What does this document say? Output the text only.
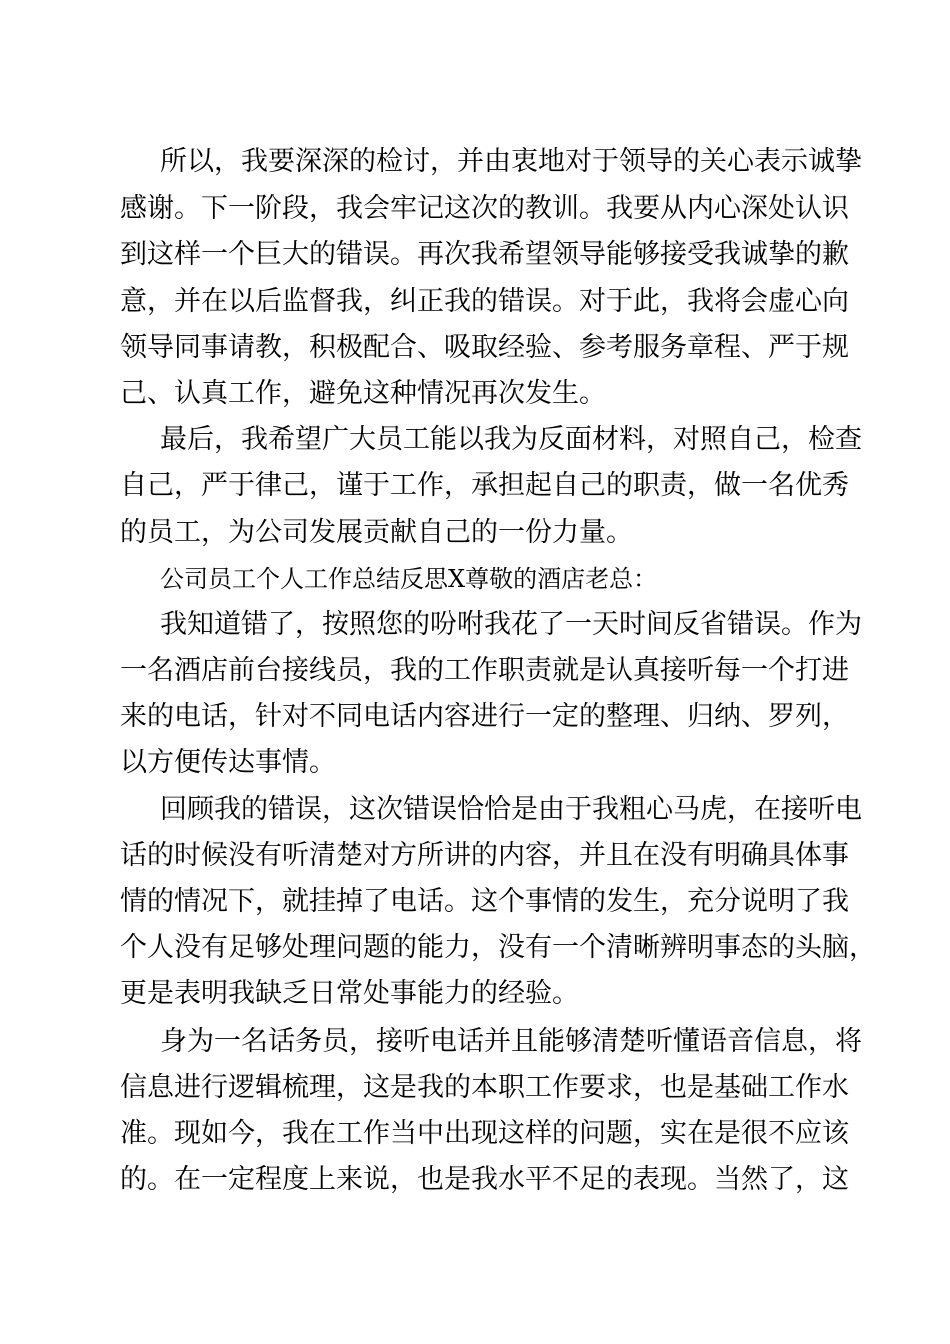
所以，我要深深的检讨，并由衷地对于领导的关心表示诚挚
感谢。下一阶段，我会牢记这次的教训。我要从内心深处认识
到这样一个巨大的错误。再次我希望领导能够接受我诚挚的歉
意，并在以后监督我，纠正我的错误。对于此，我将会虚心向
领导同事请教，积极配合、吸取经验、参考服务章程、严于规
己、认真工作，避免这种情况再次发生。
最后，我希望广大员工能以我为反面材料，对照自己，检查
自己，严于律己，谨于工作，承担起自己的职责，做一名优秀
的员工，为公司发展贡献自己的一份力量。
公司员工个人工作总结反思X尊敬的酒店老总：
我知道错了，按照您的吩咐我花了一天时间反省错误。作为
一名酒店前台接线员，我的工作职责就是认真接听每一个打进
来的电话，针对不同电话内容进行一定的整理、归纳、罗列，
以方便传达事情。
回顾我的错误，这次错误恰恰是由于我粗心马虎，在接听电
话的时候没有听清楚对方所讲的内容，并且在没有明确具体事
情的情况下，就挂掉了电话。这个事情的发生，充分说明了我
个人没有足够处理问题的能力，没有一个清晰辨明事态的头脑，
更是表明我缺乏日常处事能力的经验。
身为一名话务员，接听电话并且能够清楚听懂语音信息，将
信息进行逻辑梳理，这是我的本职工作要求，也是基础工作水
准。现如今，我在工作当中出现这样的问题，实在是很不应该
的。在一定程度上来说，也是我水平不足的表现。当然了，这
